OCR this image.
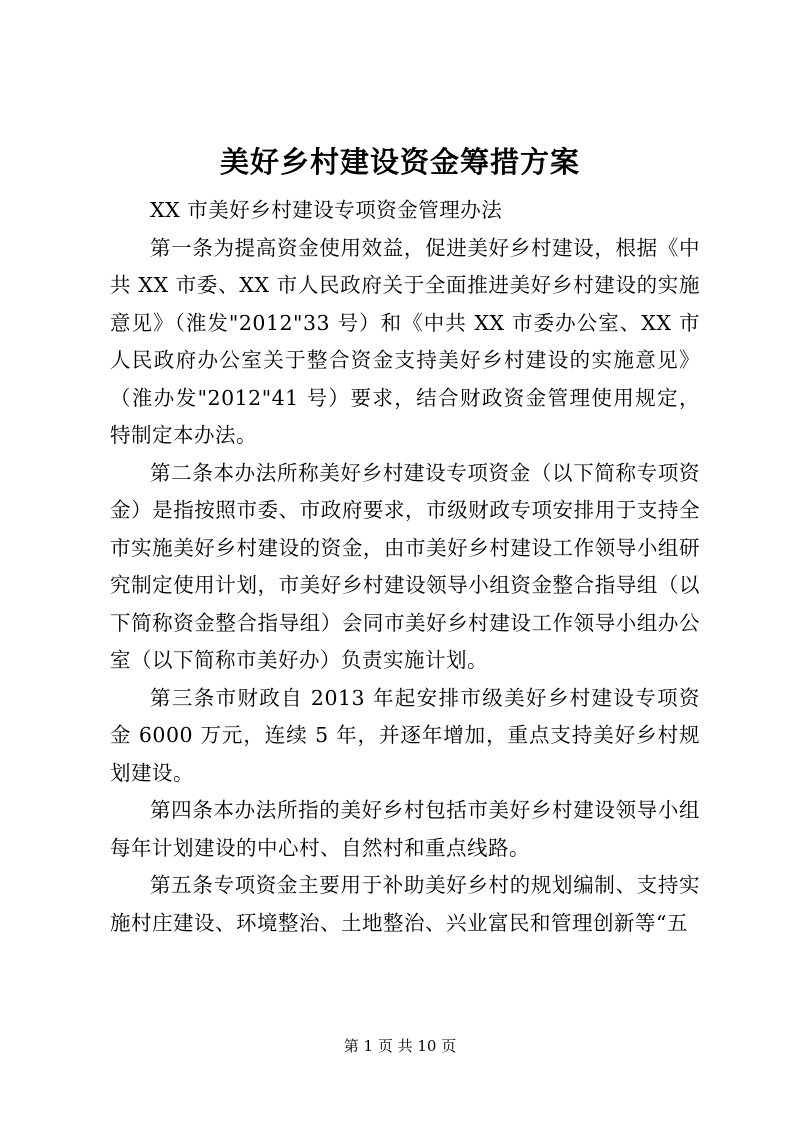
美好乡村建设资金筹措方案

XX 市美好乡村建设专项资金管理办法

第一条为提高资金使用效益，促进美好乡村建设，根据《中共 XX 市委、XX 市人民政府关于全面推进美好乡村建设的实施意见》（淮发"2012"33 号）和《中共 XX 市委办公室、XX 市人民政府办公室关于整合资金支持美好乡村建设的实施意见》（淮办发"2012"41 号）要求，结合财政资金管理使用规定，特制定本办法。

第二条本办法所称美好乡村建设专项资金（以下简称专项资金）是指按照市委、市政府要求，市级财政专项安排用于支持全市实施美好乡村建设的资金，由市美好乡村建设工作领导小组研究制定使用计划，市美好乡村建设领导小组资金整合指导组（以下简称资金整合指导组）会同市美好乡村建设工作领导小组办公室（以下简称市美好办）负责实施计划。

第三条市财政自 2013 年起安排市级美好乡村建设专项资金 6000 万元，连续 5 年，并逐年增加，重点支持美好乡村规划建设。

第四条本办法所指的美好乡村包括市美好乡村建设领导小组每年计划建设的中心村、自然村和重点线路。

第五条专项资金主要用于补助美好乡村的规划编制、支持实施村庄建设、环境整治、土地整治、兴业富民和管理创新等“五

第 1 页 共 10 页
